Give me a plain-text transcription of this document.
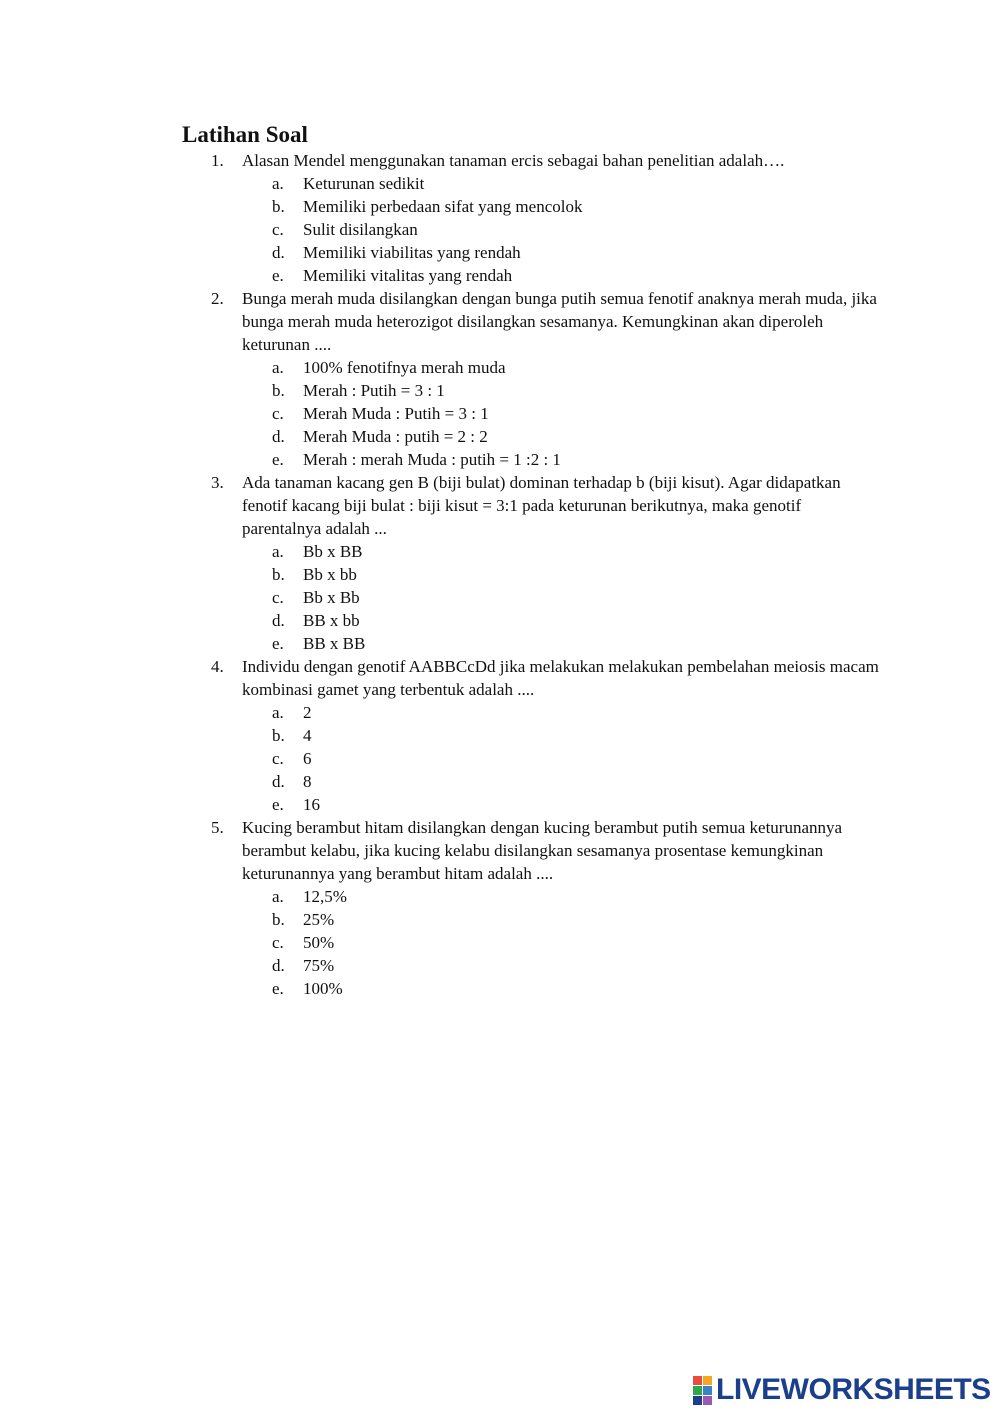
Latihan Soal
1.	Alasan Mendel menggunakan tanaman ercis sebagai bahan penelitian adalah….
a. Keturunan sedikit
b. Memiliki perbedaan sifat yang mencolok
c. Sulit disilangkan
d. Memiliki viabilitas yang rendah
e. Memiliki vitalitas yang rendah
2.	Bunga merah muda disilangkan dengan bunga putih semua fenotif anaknya merah muda, jika bunga merah muda heterozigot disilangkan sesamanya. Kemungkinan akan diperoleh keturunan ....
a. 100% fenotifnya merah muda
b. Merah : Putih = 3 : 1
c. Merah Muda : Putih = 3 : 1
d. Merah Muda : putih = 2 : 2
e. Merah : merah Muda : putih = 1 :2 : 1
3.	Ada tanaman kacang gen B (biji bulat) dominan terhadap b (biji kisut). Agar didapatkan fenotif kacang biji bulat : biji kisut = 3:1 pada keturunan berikutnya, maka genotif parentalnya adalah ...
a. Bb x BB
b. Bb x bb
c. Bb x Bb
d. BB x bb
e. BB x BB
4.	Individu dengan genotif AABBCcDd jika melakukan melakukan pembelahan meiosis macam kombinasi gamet yang terbentuk adalah ....
a. 2
b. 4
c. 6
d. 8
e. 16
5.	Kucing berambut hitam disilangkan dengan kucing berambut putih semua keturunannya berambut kelabu, jika kucing kelabu disilangkan sesamanya prosentase kemungkinan keturunannya yang berambut hitam adalah ....
a. 12,5%
b. 25%
c. 50%
d. 75%
e. 100%
LIVEWORKSHEETS
